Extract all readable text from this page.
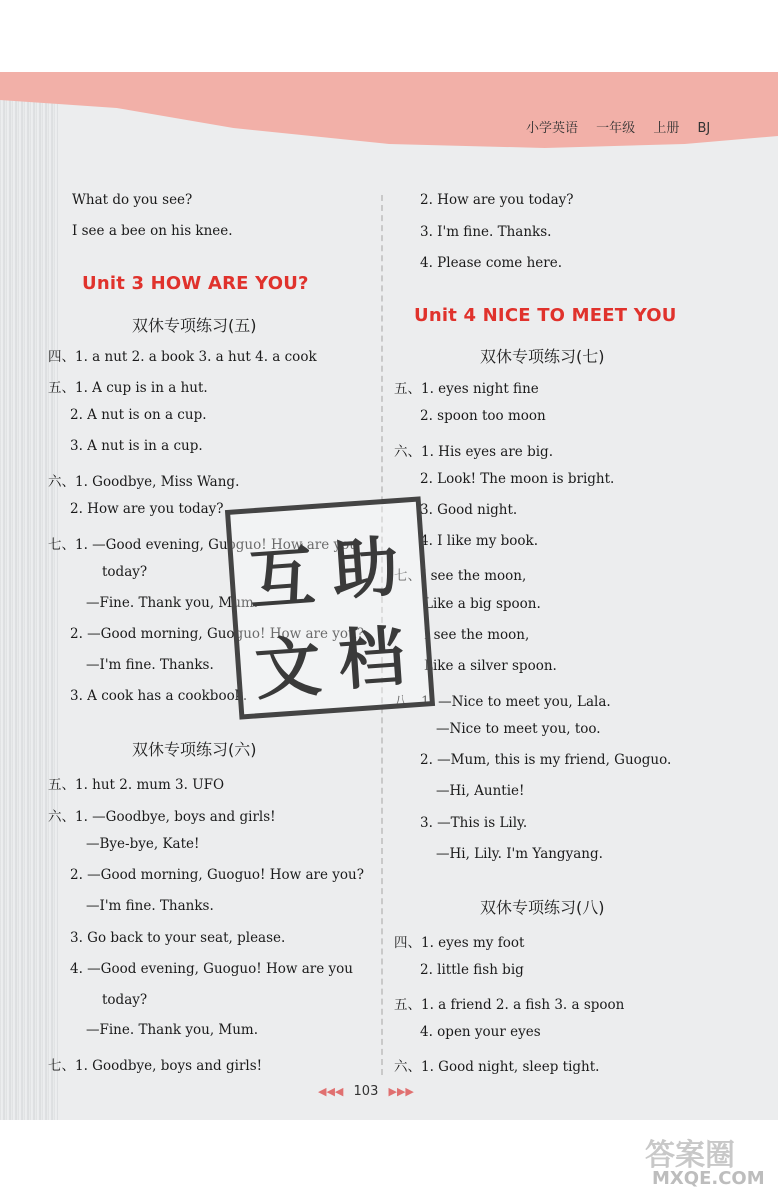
小学英语 一年级 上册 BJ
What do you see?
I see a bee on his knee.
Unit 3 HOW ARE YOU?
双休专项练习(五)
四、1. a nut 2. a book 3. a hut 4. a cook
五、1. A cup is in a hut.
2. A nut is on a cup.
3. A nut is in a cup.
六、1. Goodbye, Miss Wang.
2. How are you today?
七、1. —Good evening, Guoguo! How are you
today?
—Fine. Thank you, Mum.
2. —Good morning, Guoguo! How are you?
—I'm fine. Thanks.
3. A cook has a cookbook.
双休专项练习(六)
五、1. hut 2. mum 3. UFO
六、1. —Goodbye, boys and girls!
—Bye-bye, Kate!
2. —Good morning, Guoguo! How are you?
—I'm fine. Thanks.
3. Go back to your seat, please.
4. —Good evening, Guoguo! How are you
today?
—Fine. Thank you, Mum.
七、1. Goodbye, boys and girls!
2. How are you today?
3. I'm fine. Thanks.
4. Please come here.
Unit 4 NICE TO MEET YOU
双休专项练习(七)
五、1. eyes night fine
2. spoon too moon
六、1. His eyes are big.
2. Look! The moon is bright.
3. Good night.
4. I like my book.
七、I see the moon,
Like a big spoon.
I see the moon,
Like a silver spoon.
八、1. —Nice to meet you, Lala.
—Nice to meet you, too.
2. —Mum, this is my friend, Guoguo.
—Hi, Auntie!
3. —This is Lily.
—Hi, Lily. I'm Yangyang.
双休专项练习(八)
四、1. eyes my foot
2. little fish big
五、1. a friend 2. a fish 3. a spoon
4. open your eyes
六、1. Good night, sleep tight.
互 助
文 档
◀◀◀ 103 ▶▶▶
答案圈
MXQE.COM
